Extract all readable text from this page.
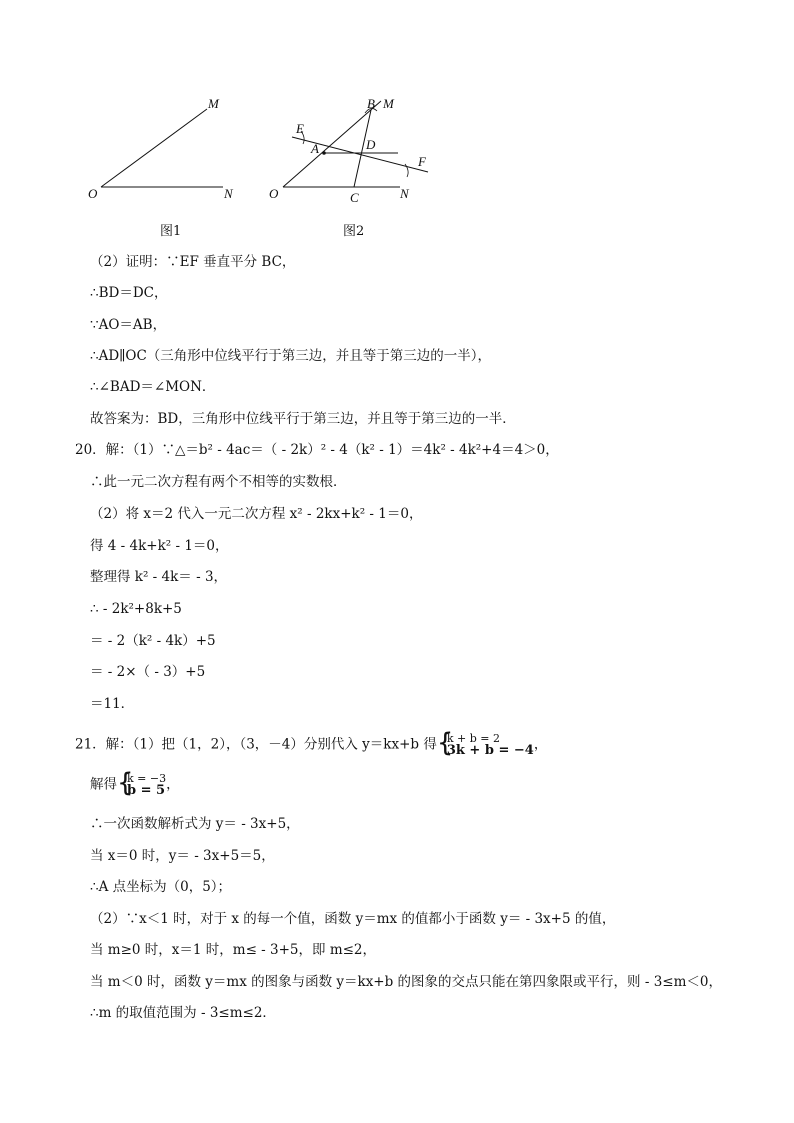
O
M
N
图1
O
B M
E
A	D
F
C	N
图2
（2）证明：∵EF 垂直平分 BC，
∴BD＝DC，
∵AO＝AB，
∴AD∥OC（三角形中位线平行于第三边，并且等于第三边的一半），
∴∠BAD＝∠MON．
故答案为：BD，三角形中位线平行于第三边，并且等于第三边的一半．
20．解：（1）∵△＝b² - 4ac＝（ - 2k）² - 4（k² - 1）＝4k² - 4k²+4＝4＞0，
∴此一元二次方程有两个不相等的实数根．
（2）将 x＝2 代入一元二次方程 x² - 2kx+k² - 1＝0，
得 4 - 4k+k² - 1＝0，
整理得 k² - 4k＝ - 3，
∴ - 2k²+8k+5
＝ - 2（k² - 4k）+5
＝ - 2×（ - 3）+5
＝11．
21．解：（1）把（1，2），（3，－4）分别代入 y＝kx+b 得 {
k + b = 2
3k + b = −4 ，
解得 {
k = −3
b = 5 ，
∴一次函数解析式为 y＝ - 3x+5，
当 x＝0 时，y＝ - 3x+5＝5，
∴A 点坐标为（0，5）；
（2）∵x＜1 时，对于 x 的每一个值，函数 y＝mx 的值都小于函数 y＝ - 3x+5 的值，
当 m≥0 时，x＝1 时，m≤ - 3+5，即 m≤2，
当 m＜0 时，函数 y＝mx 的图象与函数 y＝kx+b 的图象的交点只能在第四象限或平行，则 - 3≤m＜0，
∴m 的取值范围为 - 3≤m≤2．
